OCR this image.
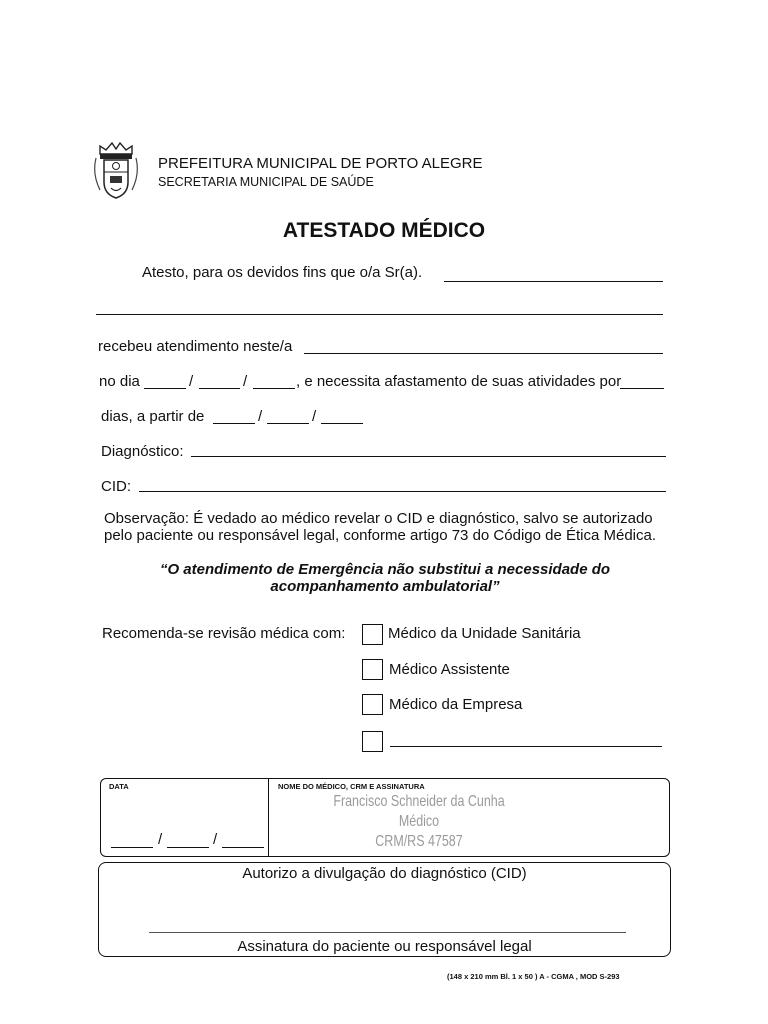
PREFEITURA MUNICIPAL DE PORTO ALEGRE
SECRETARIA MUNICIPAL DE SAÚDE
ATESTADO MÉDICO
Atesto, para os devidos fins que o/a Sr(a).
recebeu atendimento neste/a
no dia	/	/	, e necessita afastamento de suas atividades por
dias, a partir de	/	/
Diagnóstico:
CID:
Observação: É vedado ao médico revelar o CID e diagnóstico, salvo se autorizado pelo paciente ou responsável legal, conforme artigo 73 do Código de Ética Médica.
“O atendimento de Emergência não substitui a necessidade do
acompanhamento ambulatorial”
Recomenda-se revisão médica com:	Médico da Unidade Sanitária
Médico Assistente
Médico da Empresa
DATA	NOME DO MÉDICO, CRM E ASSINATURA
/	/
Francisco Schneider da Cunha
Médico
CRM/RS 47587
Autorizo a divulgação do diagnóstico (CID)
Assinatura do paciente ou responsável legal
(148 x 210 mm Bl. 1 x 50 ) A - CGMA , MOD S-293
